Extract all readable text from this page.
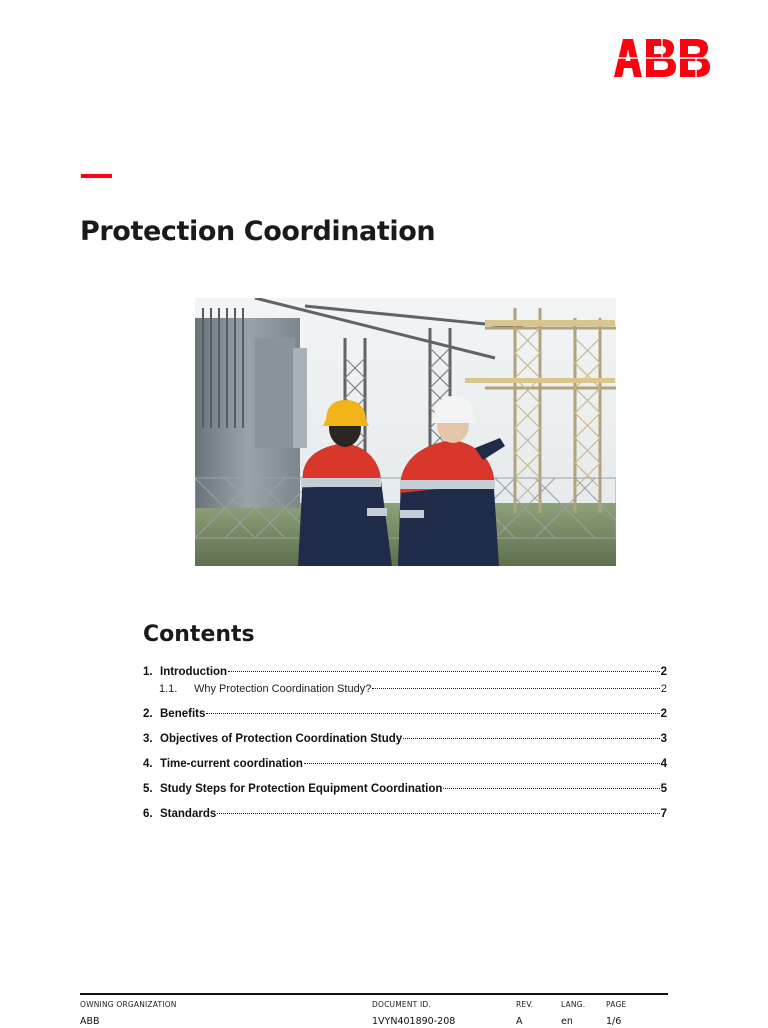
Protection Coordination
Contents
1. Introduction	2
1.1.	Why Protection Coordination Study?	2
2. Benefits	2
3. Objectives of Protection Coordination Study	3
4. Time-current coordination	4
5. Study Steps for Protection Equipment Coordination	5
6. Standards	7
OWNING ORGANIZATION
ABB
DOCUMENT ID.
1VYN401890-208
REV.
A
LANG.
en
PAGE
1/6
